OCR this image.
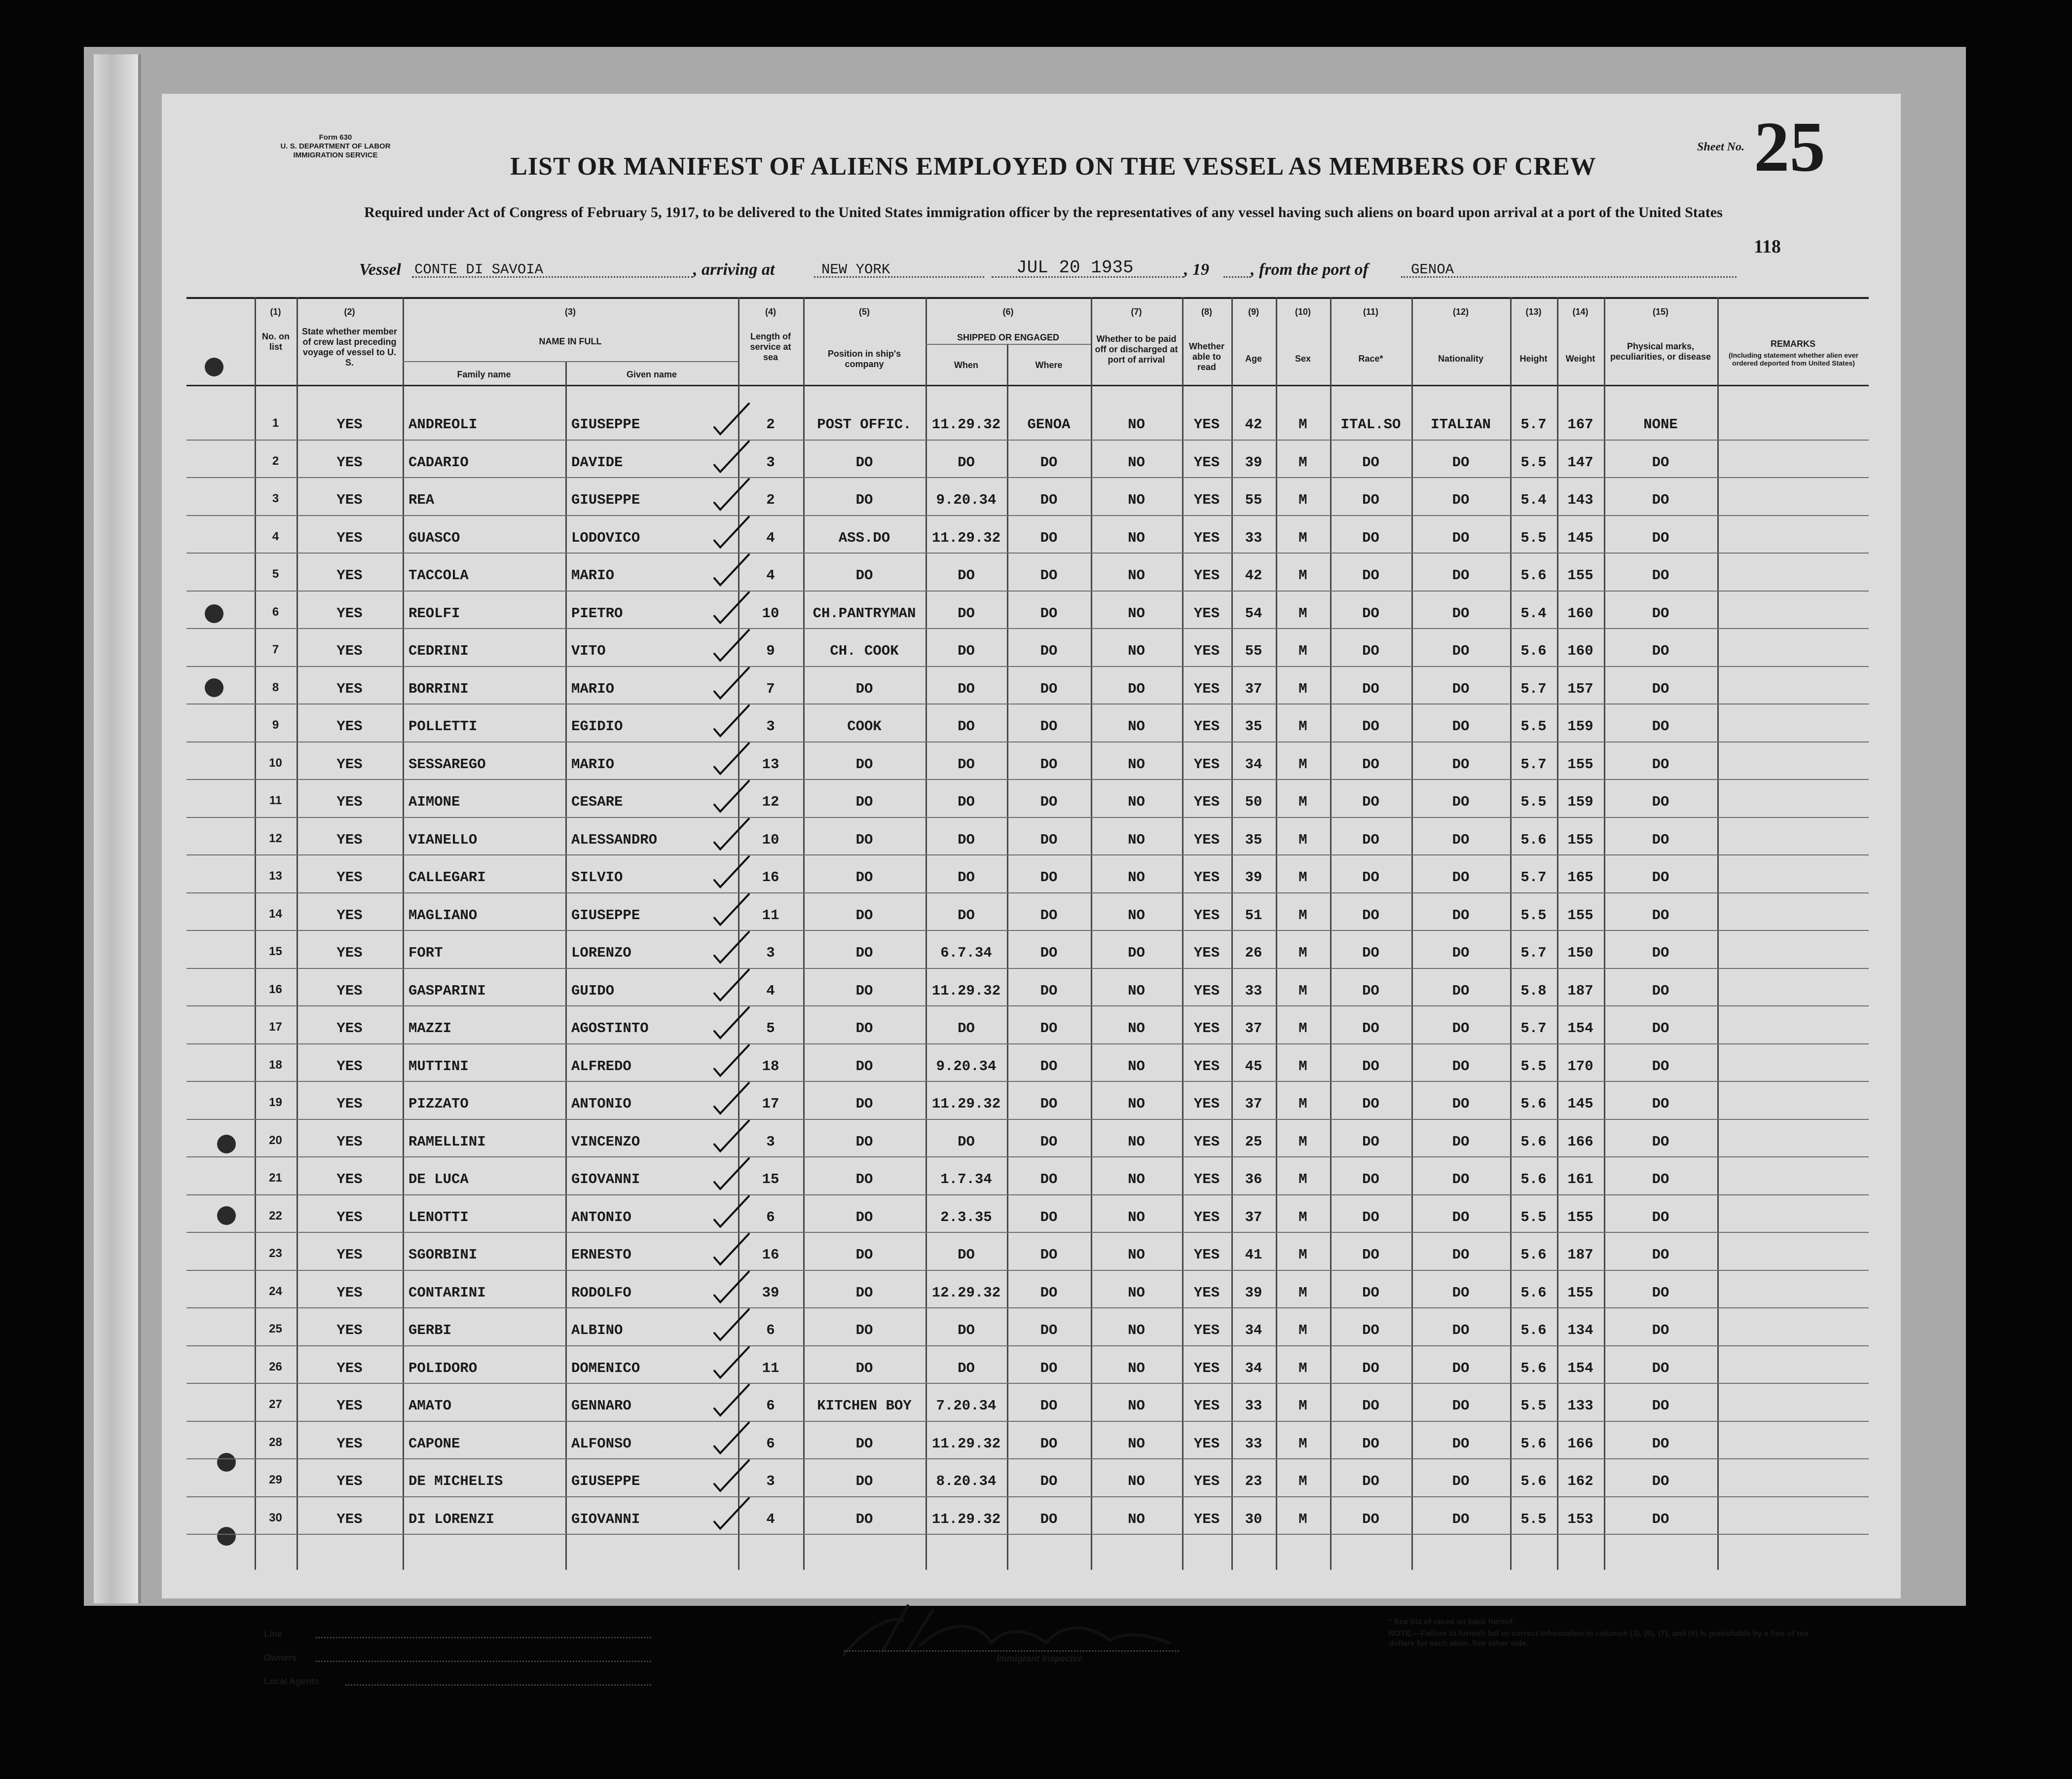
Form 630
U. S. DEPARTMENT OF LABOR
IMMIGRATION SERVICE
Sheet No. 25
LIST OR MANIFEST OF ALIENS EMPLOYED ON THE VESSEL AS MEMBERS OF CREW
Required under Act of Congress of February 5, 1917, to be delivered to the United States immigration officer by the representatives of any vessel having such aliens on board upon arrival at a port of the United States
118
Vessel CONTE DI SAVOIA	, arriving at	NEW YORK	JUL 20 1935	, 19 , from the port of	GENOA
(1)	(2)	(3)	(4)	(5)	(6)	(7)	(8)	(9)	(10)	(11)	(12)	(13)	(14)	(15)
No. on list
State whether member of crew last preceding voyage of vessel to U. S.
NAME IN FULL
Family name	Given name
Length of service at sea	Position in ship's company
SHIPPED OR ENGAGED
When	Where
Whether to be paid off or discharged at port of arrival
Whether able to read
Age	Sex	Race*	Nationality	Height	Weight
Physical marks, peculiarities, or disease
REMARKS
(Including statement whether alien ever ordered deported from United States)
1	YES	ANDREOLI	GIUSEPPE	2	POST OFFIC.	11.29.32	GENOA	NO	YES	42	M	ITAL.SO	ITALIAN	5.7	167	NONE
2	YES	CADARIO	DAVIDE	3	DO	DO	DO	NO	YES	39	M	DO	DO	5.5	147	DO
3	YES	REA	GIUSEPPE	2	DO	9.20.34	DO	NO	YES	55	M	DO	DO	5.4	143	DO
4	YES	GUASCO	LODOVICO	4	ASS.DO	11.29.32	DO	NO	YES	33	M	DO	DO	5.5	145	DO
5	YES	TACCOLA	MARIO	4	DO	DO	DO	NO	YES	42	M	DO	DO	5.6	155	DO
6	YES	REOLFI	PIETRO	10	CH.PANTRYMAN	DO	DO	NO	YES	54	M	DO	DO	5.4	160	DO
7	YES	CEDRINI	VITO	9	CH. COOK	DO	DO	NO	YES	55	M	DO	DO	5.6	160	DO
8	YES	BORRINI	MARIO	7	DO	DO	DO	DO	YES	37	M	DO	DO	5.7	157	DO
9	YES	POLLETTI	EGIDIO	3	COOK	DO	DO	NO	YES	35	M	DO	DO	5.5	159	DO
10	YES	SESSAREGO	MARIO	13	DO	DO	DO	NO	YES	34	M	DO	DO	5.7	155	DO
11	YES	AIMONE	CESARE	12	DO	DO	DO	NO	YES	50	M	DO	DO	5.5	159	DO
12	YES	VIANELLO	ALESSANDRO	10	DO	DO	DO	NO	YES	35	M	DO	DO	5.6	155	DO
13	YES	CALLEGARI	SILVIO	16	DO	DO	DO	NO	YES	39	M	DO	DO	5.7	165	DO
14	YES	MAGLIANO	GIUSEPPE	11	DO	DO	DO	NO	YES	51	M	DO	DO	5.5	155	DO
15	YES	FORT	LORENZO	3	DO	6.7.34	DO	DO	YES	26	M	DO	DO	5.7	150	DO
16	YES	GASPARINI	GUIDO	4	DO	11.29.32	DO	NO	YES	33	M	DO	DO	5.8	187	DO
17	YES	MAZZI	AGOSTINTO	5	DO	DO	DO	NO	YES	37	M	DO	DO	5.7	154	DO
18	YES	MUTTINI	ALFREDO	18	DO	9.20.34	DO	NO	YES	45	M	DO	DO	5.5	170	DO
19	YES	PIZZATO	ANTONIO	17	DO	11.29.32	DO	NO	YES	37	M	DO	DO	5.6	145	DO
20	YES	RAMELLINI	VINCENZO	3	DO	DO	DO	NO	YES	25	M	DO	DO	5.6	166	DO
21	YES	DE LUCA	GIOVANNI	15	DO	1.7.34	DO	NO	YES	36	M	DO	DO	5.6	161	DO
22	YES	LENOTTI	ANTONIO	6	DO	2.3.35	DO	NO	YES	37	M	DO	DO	5.5	155	DO
23	YES	SGORBINI	ERNESTO	16	DO	DO	DO	NO	YES	41	M	DO	DO	5.6	187	DO
24	YES	CONTARINI	RODOLFO	39	DO	12.29.32	DO	NO	YES	39	M	DO	DO	5.6	155	DO
25	YES	GERBI	ALBINO	6	DO	DO	DO	NO	YES	34	M	DO	DO	5.6	134	DO
26	YES	POLIDORO	DOMENICO	11	DO	DO	DO	NO	YES	34	M	DO	DO	5.6	154	DO
27	YES	AMATO	GENNARO	6	KITCHEN BOY	7.20.34	DO	NO	YES	33	M	DO	DO	5.5	133	DO
28	YES	CAPONE	ALFONSO	6	DO	11.29.32	DO	NO	YES	33	M	DO	DO	5.6	166	DO
29	YES	DE MICHELIS	GIUSEPPE	3	DO	8.20.34	DO	NO	YES	23	M	DO	DO	5.6	162	DO
30	YES	DI LORENZI	GIOVANNI	4	DO	11.29.32	DO	NO	YES	30	M	DO	DO	5.5	153	DO
Line
Owners
Local Agents
Immigrant Inspector.
* See list of races on back hereof.
NOTE.—Failure to furnish full or correct information in columns (3), (6), (7), and (8) is punishable by a fine of ten dollars for each alien. See other side.
